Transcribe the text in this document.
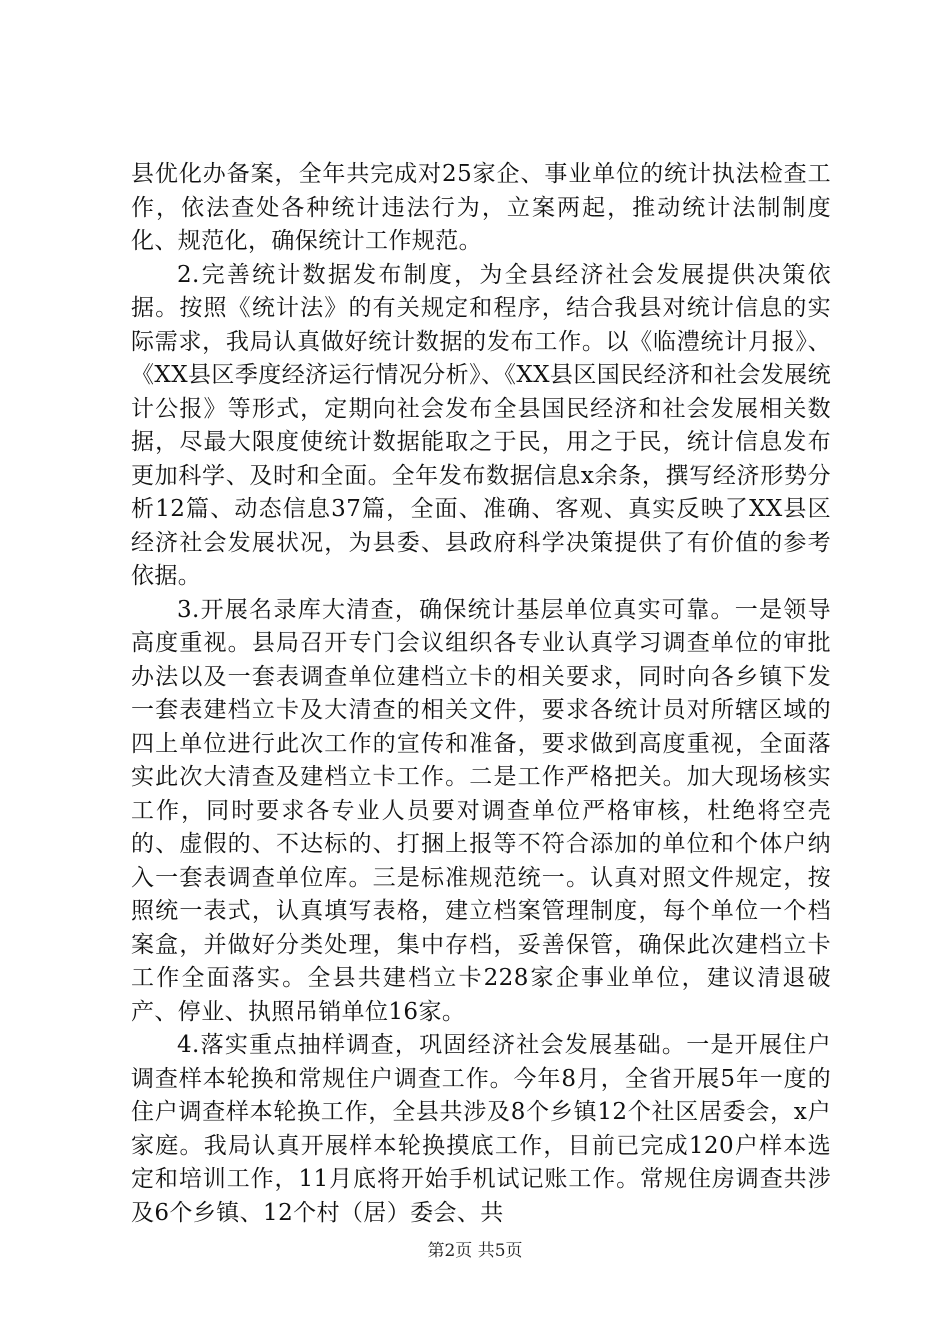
县优化办备案，全年共完成对25家企、事业单位的统计执法检查工作，依法查处各种统计违法行为，立案两起，推动统计法制制度化、规范化，确保统计工作规范。

2.完善统计数据发布制度，为全县经济社会发展提供决策依据。按照《统计法》的有关规定和程序，结合我县对统计信息的实际需求，我局认真做好统计数据的发布工作。以《临澧统计月报》、《XX县区季度经济运行情况分析》、《XX县区国民经济和社会发展统计公报》等形式，定期向社会发布全县国民经济和社会发展相关数据，尽最大限度使统计数据能取之于民，用之于民，统计信息发布更加科学、及时和全面。全年发布数据信息x余条，撰写经济形势分析12篇、动态信息37篇，全面、准确、客观、真实反映了XX县区经济社会发展状况，为县委、县政府科学决策提供了有价值的参考依据。

3.开展名录库大清查，确保统计基层单位真实可靠。一是领导高度重视。县局召开专门会议组织各专业认真学习调查单位的审批办法以及一套表调查单位建档立卡的相关要求，同时向各乡镇下发一套表建档立卡及大清查的相关文件，要求各统计员对所辖区域的四上单位进行此次工作的宣传和准备，要求做到高度重视，全面落实此次大清查及建档立卡工作。二是工作严格把关。加大现场核实工作，同时要求各专业人员要对调查单位严格审核，杜绝将空壳的、虚假的、不达标的、打捆上报等不符合添加的单位和个体户纳入一套表调查单位库。三是标准规范统一。认真对照文件规定，按照统一表式，认真填写表格，建立档案管理制度，每个单位一个档案盒，并做好分类处理，集中存档，妥善保管，确保此次建档立卡工作全面落实。全县共建档立卡228家企事业单位，建议清退破产、停业、执照吊销单位16家。

4.落实重点抽样调查，巩固经济社会发展基础。一是开展住户调查样本轮换和常规住户调查工作。今年8月，全省开展5年一度的住户调查样本轮换工作，全县共涉及8个乡镇12个社区居委会，x户家庭。我局认真开展样本轮换摸底工作，目前已完成120户样本选定和培训工作，11月底将开始手机试记账工作。常规住房调查共涉及6个乡镇、12个村（居）委会、共

第2页 共5页
